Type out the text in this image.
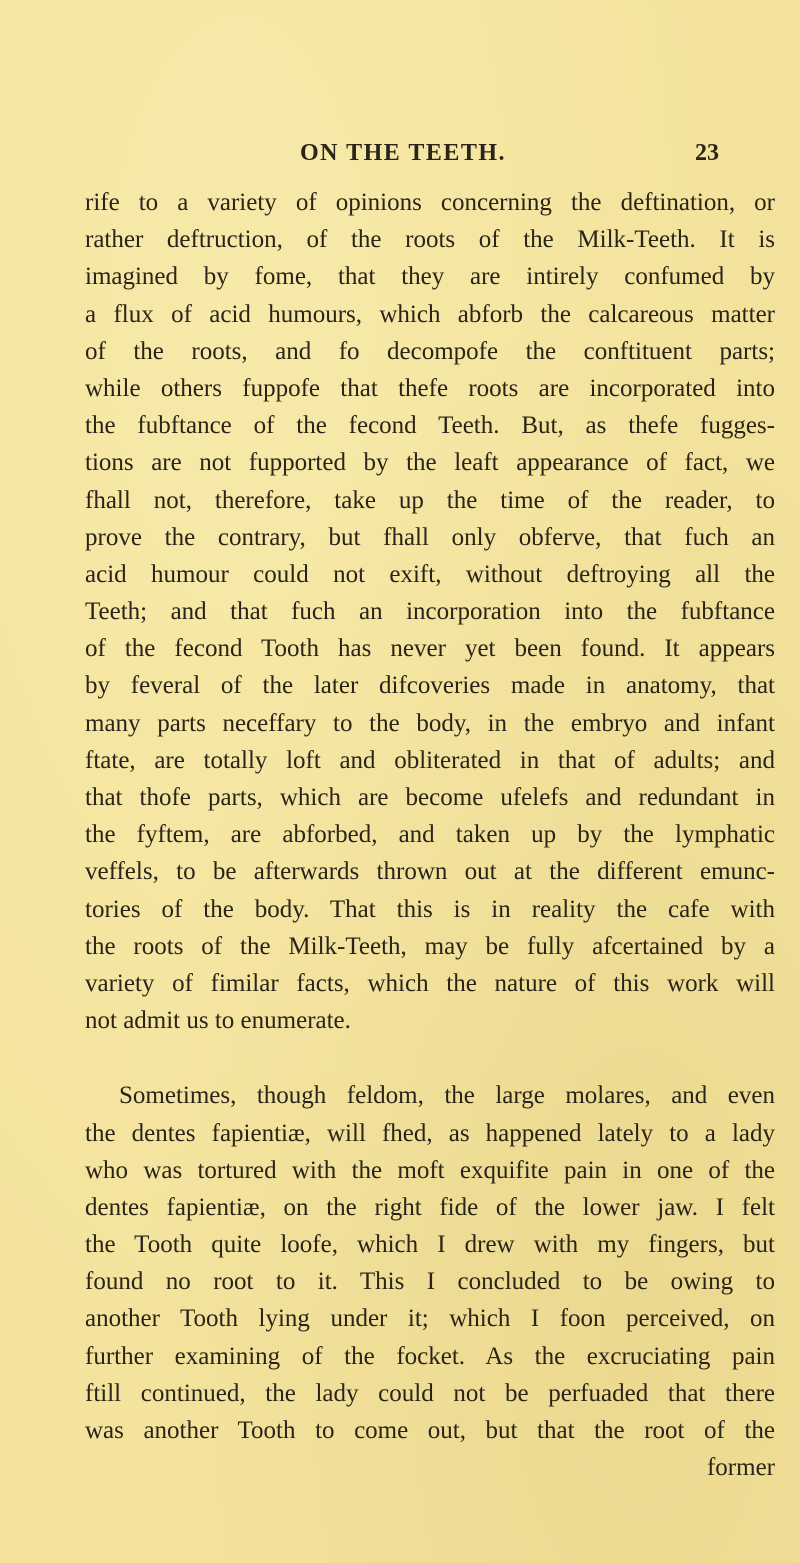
ON THE TEETH.	23
rife to a variety of opinions concerning the deftination, or
rather deftruction, of the roots of the Milk-Teeth. It is
imagined by fome, that they are intirely confumed by
a flux of acid humours, which abforb the calcareous matter
of the roots, and fo decompofe the conftituent parts;
while others fuppofe that thefe roots are incorporated into
the fubftance of the fecond Teeth. But, as thefe fugges-
tions are not fupported by the leaft appearance of fact, we
fhall not, therefore, take up the time of the reader, to
prove the contrary, but fhall only obferve, that fuch an
acid humour could not exift, without deftroying all the
Teeth; and that fuch an incorporation into the fubftance
of the fecond Tooth has never yet been found. It appears
by feveral of the later difcoveries made in anatomy, that
many parts neceffary to the body, in the embryo and infant
ftate, are totally loft and obliterated in that of adults; and
that thofe parts, which are become ufelefs and redundant in
the fyftem, are abforbed, and taken up by the lymphatic
veffels, to be afterwards thrown out at the different emunc-
tories of the body. That this is in reality the cafe with
the roots of the Milk-Teeth, may be fully afcertained by a
variety of fimilar facts, which the nature of this work will
not admit us to enumerate.
Sometimes, though feldom, the large molares, and even
the dentes fapientiæ, will fhed, as happened lately to a lady
who was tortured with the moft exquifite pain in one of the
dentes fapientiæ, on the right fide of the lower jaw. I felt
the Tooth quite loofe, which I drew with my fingers, but
found no root to it. This I concluded to be owing to
another Tooth lying under it; which I foon perceived, on
further examining of the focket. As the excruciating pain
ftill continued, the lady could not be perfuaded that there
was another Tooth to come out, but that the root of the
former
